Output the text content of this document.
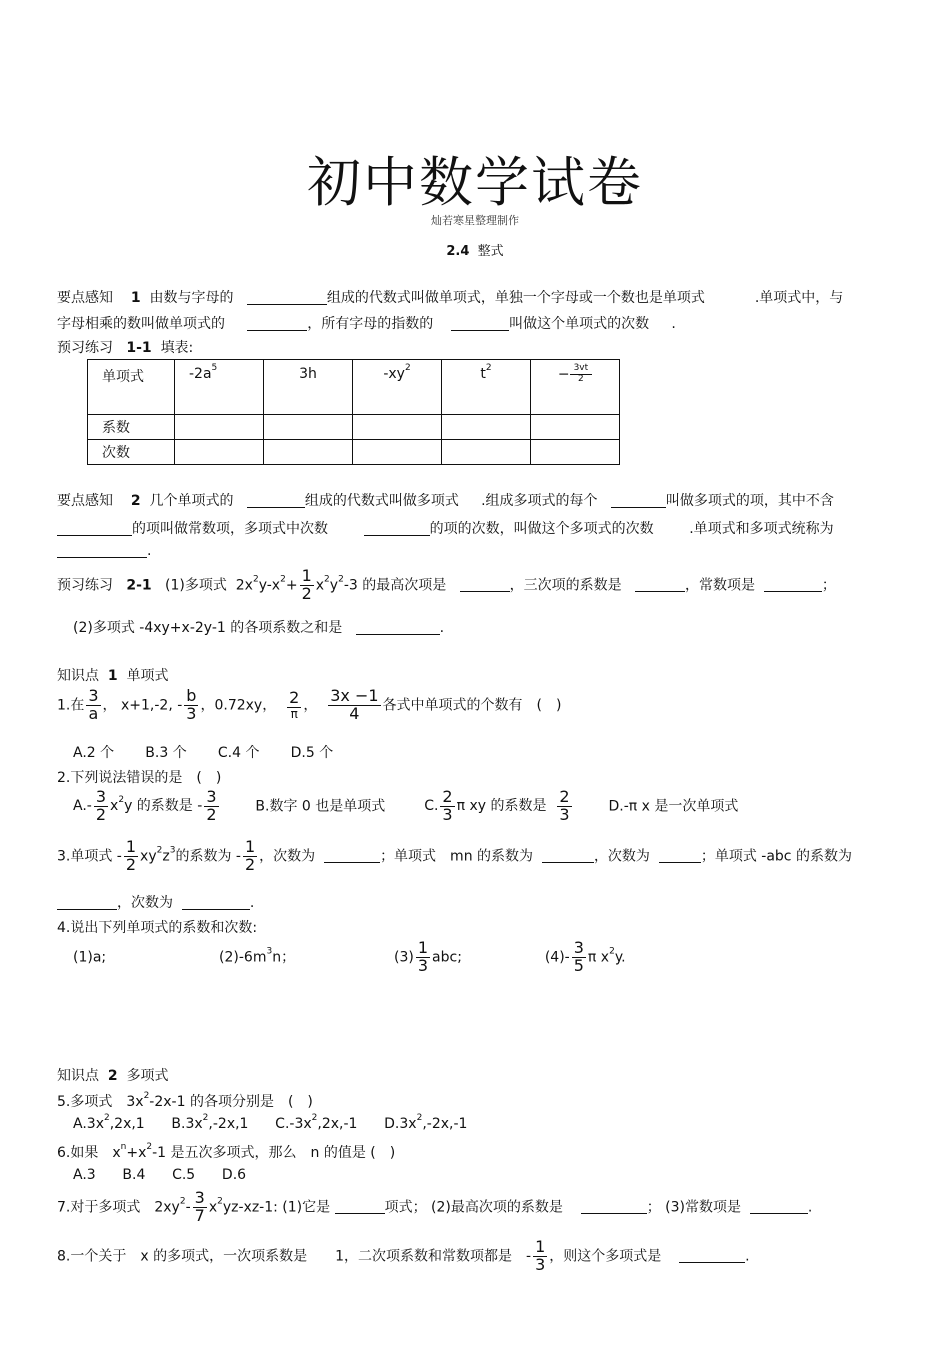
初中数学试卷
灿若寒星整理制作
2.4 整式
要点感知 1 由数与字母的	组成的代数式叫做单项式，单独一个字母或一个数也是单项式	.单项式中，与
字母相乘的数叫做单项式的	，所有字母的指数的	叫做这个单项式的次数 .
预习练习 1-1 填表:
单项式	$-2a^5$	3h	$-xy^2$	$t^2$	− $\frac{3vt}{2}$

系数					
次数					
要点感知 2 几个单项式的	组成的代数式叫做多项式 .组成多项式的每个	叫做多项式的项，其中不含
的项叫做常数项，多项式中次数	的项的次数，叫做这个多项式的次数	.单项式和多项式统称为
.
预习练习 2-1 (1)多项式 $2x^2y-x^2+ \frac{1}{2} x^2y^2-3$ 的最高次项是	，三次项的系数是	，常数项是	；
(2)多项式 -4xy+x-2y-1 的各项系数之和是	.
知识点 1 单项式
1.在 $\frac{3}{a}$ ， x+1,-2, - $\frac{b}{3}$ ，0.72xy， $\frac{2}{\pi}$ ， $\frac{3x -1}{4}$ 各式中单项式的个数有　(　)
A.2 个 B.3 个 C.4 个 D.5 个
2.下列说法错误的是　(　)
$A.- \frac{3}{2} x^2y$ 的系数是 - $\frac{3}{2}$	B.数字 0 也是单项式	C. $\frac{2}{3}$ π xy 的系数是 $\frac{2}{3}$	D.-π x 是一次单项式
3.单项式 - $\frac{1}{2} xy^2z^3$的系数为 - $\frac{1}{2}$ ，次数为	；单项式　mn 的系数为	，次数为	；单项式 -abc 的系数为
，次数为	.
4.说出下列单项式的系数和次数:
(1)a;	$(2)-6m^3n$；	$(3) \frac{1}{3}$ abc;	$(4)- \frac{3}{5}$ π $x^2y$.
知识点 2 多项式
5.多项式　$3x^2-2x-1$ 的各项分别是　(　)
$A.3x^2,2x,1$ $B.3x^2,-2x,1$ $C.-3x^2,2x,-1$ $D.3x^2,-2x,-1$
6.如果　$x^n+x^2-1$ 是五次多项式，那么　n 的值是 (　)
A.3 B.4 C.5 D.6
7.对于多项式　$2xy^2- \frac{3}{7} x^2yz-xz-1$: (1)它是	项式； (2)最高次项的系数是	； (3)常数项是	.
8.一个关于　x 的多项式，一次项系数是　　1，二次项系数和常数项都是　- $\frac{1}{3}$ ，则这个多项式是	.
